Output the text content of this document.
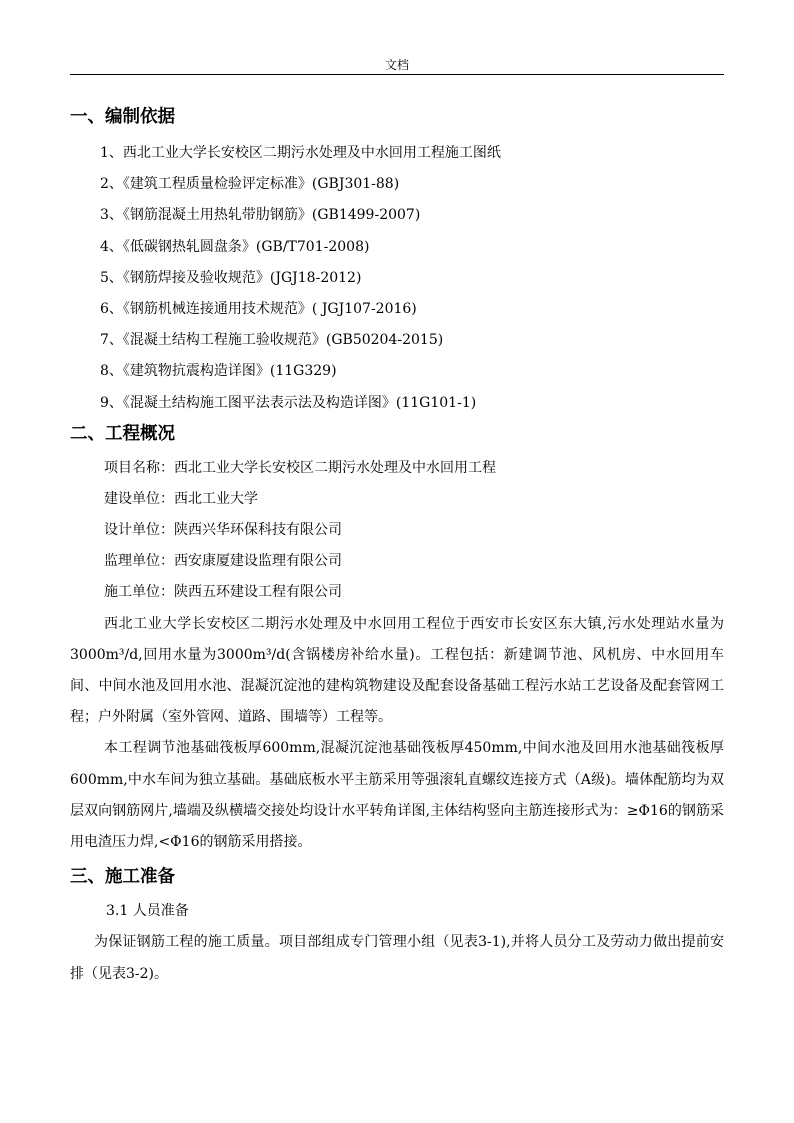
文档
一、编制依据

1、西北工业大学长安校区二期污水处理及中水回用工程施工图纸

2、《建筑工程质量检验评定标准》(GBJ301-88)

3、《钢筋混凝土用热轧带肋钢筋》(GB1499-2007)

4、《低碳钢热轧圆盘条》(GB/T701-2008)

5、《钢筋焊接及验收规范》(JGJ18-2012)

6、《钢筋机械连接通用技术规范》( JGJ107-2016)

7、《混凝土结构工程施工验收规范》(GB50204-2015)

8、《建筑物抗震构造详图》(11G329)

9、《混凝土结构施工图平法表示法及构造详图》(11G101-1)

二、工程概况

项目名称：西北工业大学长安校区二期污水处理及中水回用工程

建设单位：西北工业大学

设计单位：陕西兴华环保科技有限公司

监理单位：西安康厦建设监理有限公司

施工单位：陕西五环建设工程有限公司

西北工业大学长安校区二期污水处理及中水回用工程位于西安市长安区东大镇,污水处理站水量为3000m³/d,回用水量为3000m³/d(含锅楼房补给水量)。工程包括：新建调节池、风机房、中水回用车间、中间水池及回用水池、混凝沉淀池的建构筑物建设及配套设备基础工程污水站工艺设备及配套管网工程；户外附属（室外管网、道路、围墙等）工程等。

本工程调节池基础筏板厚600mm,混凝沉淀池基础筏板厚450mm,中间水池及回用水池基础筏板厚600mm,中水车间为独立基础。基础底板水平主筋采用等强滚轧直螺纹连接方式（A级)。墙体配筋均为双层双向钢筋网片,墙端及纵横墙交接处均设计水平转角详图,主体结构竖向主筋连接形式为：≥Φ16的钢筋采用电渣压力焊,<Φ16的钢筋采用搭接。

三、施工准备

3.1 人员准备

为保证钢筋工程的施工质量。项目部组成专门管理小组（见表3-1),并将人员分工及劳动力做出提前安排（见表3-2)。
